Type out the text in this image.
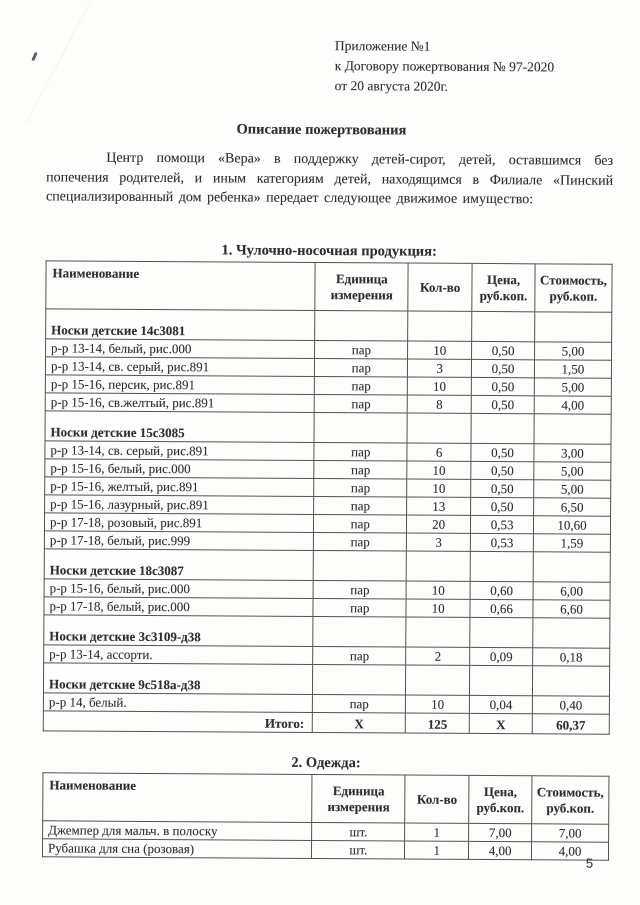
Приложение №1
к Договору пожертвования № 97-2020
от 20 августа 2020г.
Описание пожертвования

Центр помощи «Вера» в поддержку детей-сирот, детей, оставшимся без попечения родителей, и иным категориям детей, находящимся в Филиале «Пинский специализированный дом ребенка» передает следующее движимое имущество:

1. Чулочно-носочная продукция:
Наименование	Единица измерения	Кол-во	Цена, руб.коп.	Стоимость, руб.коп.
Носки детские 14с3081				
р-р 13-14, белый, рис.000	пар	10	0,50	5,00
р-р 13-14, св. серый, рис.891	пар	3	0,50	1,50
р-р 15-16, персик, рис.891	пар	10	0,50	5,00
р-р 15-16, св.желтый, рис.891	пар	8	0,50	4,00
Носки детские 15с3085				
р-р 13-14, св. серый, рис.891	пар	6	0,50	3,00
р-р 15-16, белый, рис.000	пар	10	0,50	5,00
р-р 15-16, желтый, рис.891	пар	10	0,50	5,00
р-р 15-16, лазурный, рис.891	пар	13	0,50	6,50
р-р 17-18, розовый, рис.891	пар	20	0,53	10,60
р-р 17-18, белый, рис.999	пар	3	0,53	1,59
Носки детские 18с3087				
р-р 15-16, белый, рис.000	пар	10	0,60	6,00
р-р 17-18, белый, рис.000	пар	10	0,66	6,60
Носки детские 3с3109-д38				
р-р 13-14, ассорти.	пар	2	0,09	0,18
Носки детские 9с518а-д38				
р-р 14, белый.	пар	10	0,04	0,40
Итого:	Х	125	Х	60,37
2. Одежда:
Наименование	Единица измерения	Кол-во	Цена, руб.коп.	Стоимость, руб.коп.
Джемпер для мальч. в полоску	шт.	1	7,00	7,00
Рубашка для сна (розовая)	шт.	1	4,00	4,00
5
